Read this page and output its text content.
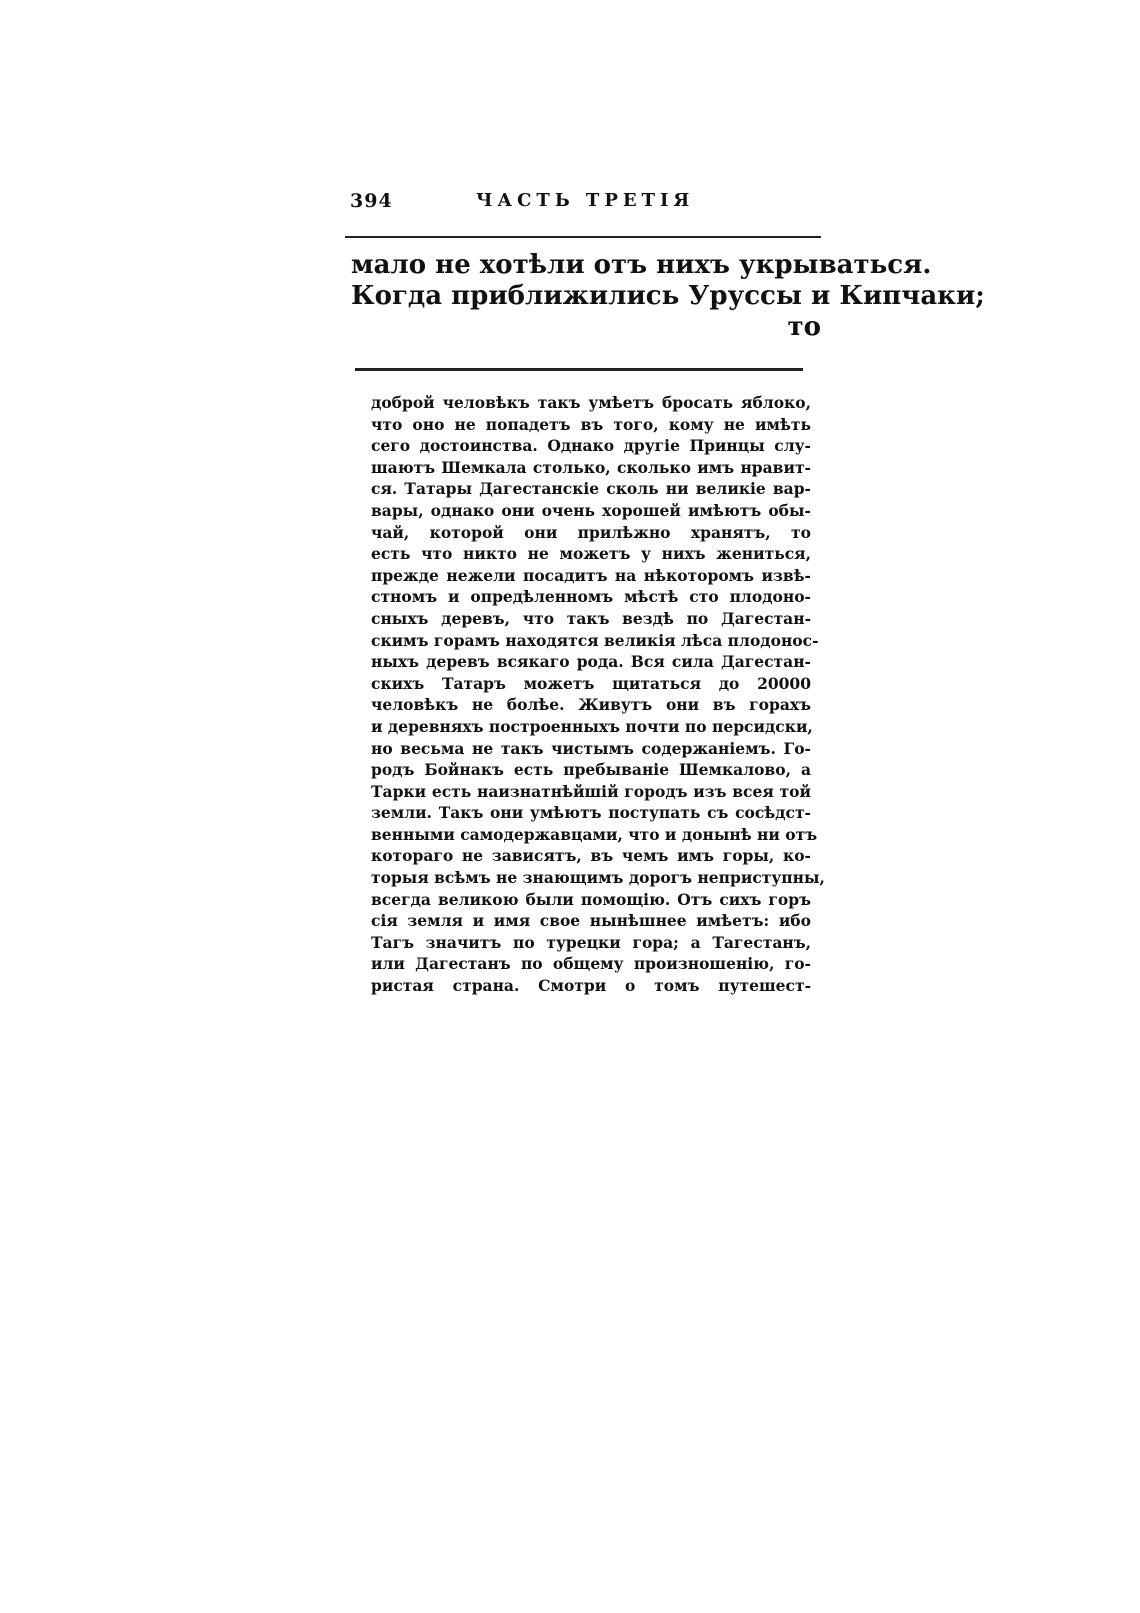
394	ЧАСТЬ ТРЕТІЯ
мало не хотѣли отъ нихъ укрываться.
Когда приближились Уруссы и Кипчаки;
то
доброй человѣкъ такъ умѣетъ бросать яблоко,
что оно не попадетъ въ того, кому не имѣть
сего достоинства. Однако другіе Принцы слу-
шаютъ Шемкала столько, сколько имъ нравит-
ся. Татары Дагестанскіе сколь ни великіе вар-
вары, однако они очень хорошей имѣютъ обы-
чай, которой они прилѣжно хранятъ, то
есть что никто не можетъ у нихъ жениться,
прежде нежели посадитъ на нѣкоторомъ извѣ-
стномъ и опредѣленномъ мѣстѣ сто плодоно-
сныхъ деревъ, что такъ вездѣ по Дагестан-
скимъ горамъ находятся великія лѣса плодонос-
ныхъ деревъ всякаго рода. Вся сила Дагестан-
скихъ Татаръ можетъ щитаться до 20000
человѣкъ не болѣе. Живутъ они въ горахъ
и деревняхъ построенныхъ почти по персидски,
но весьма не такъ чистымъ содержаніемъ. Го-
родъ Бойнакъ есть пребываніе Шемкалово, а
Тарки есть наизнатнѣйшій городъ изъ всея той
земли. Такъ они умѣютъ поступать съ сосѣдст-
венными самодержавцами, что и донынѣ ни отъ
котораго не зависятъ, въ чемъ имъ горы, ко-
торыя всѣмъ не знающимъ дорогъ неприступны,
всегда великою были помощію. Отъ сихъ горъ
сія земля и имя свое нынѣшнее имѣетъ: ибо
Тагъ значитъ по турецки гора; а Тагестанъ,
или Дагестанъ по общему произношенію, го-
ристая страна. Смотри о томъ путешест-
